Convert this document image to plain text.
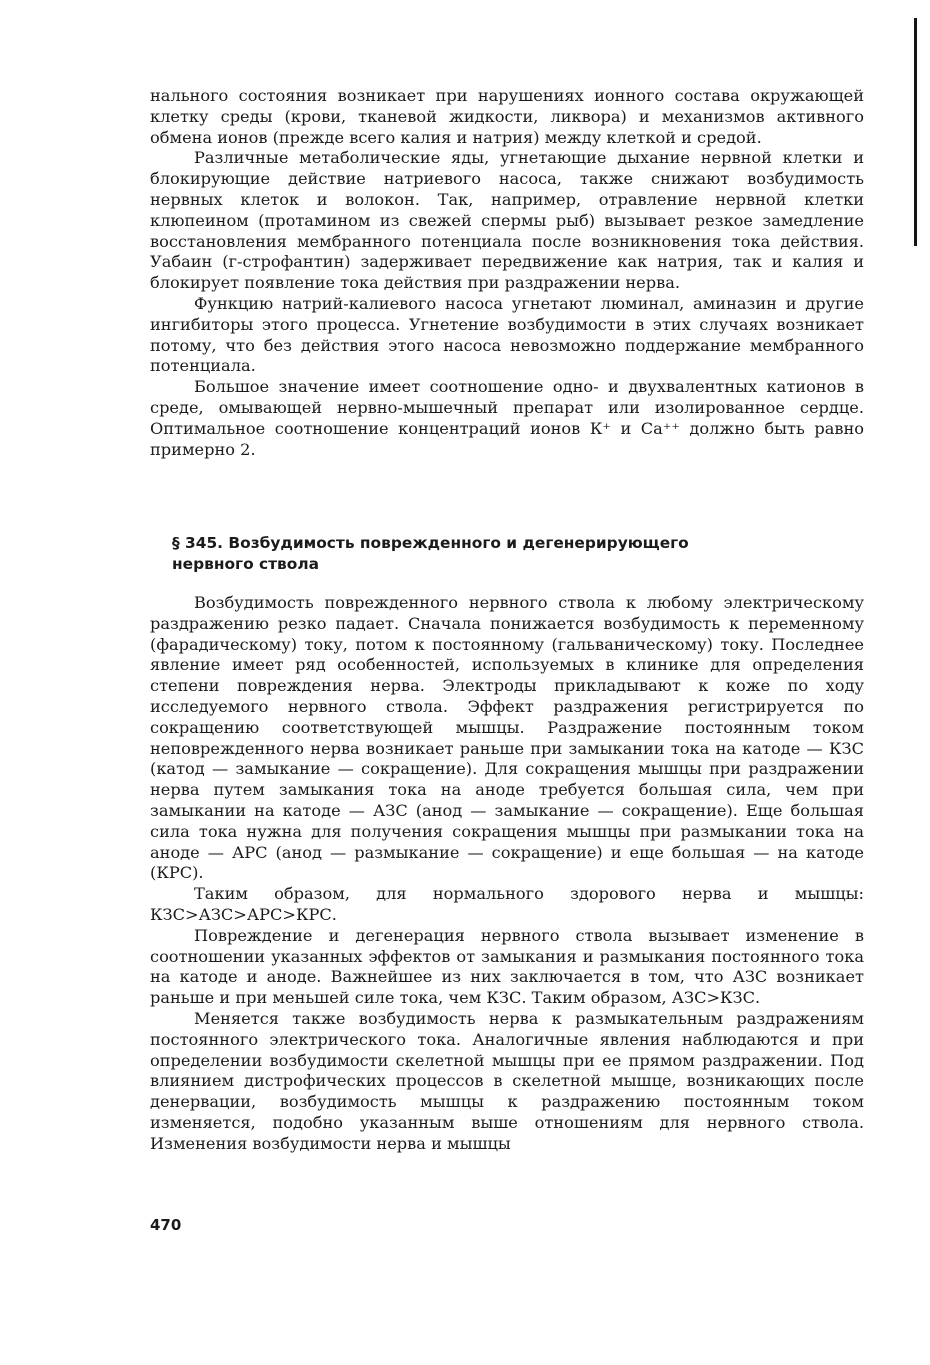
нального состояния возникает при нарушениях ионного состава окружающей клетку среды (крови, тканевой жидкости, ликвора) и механизмов активного обмена ионов (прежде всего калия и натрия) между клеткой и средой.

Различные метаболические яды, угнетающие дыхание нервной клетки и блокирующие действие натриевого насоса, также снижают возбудимость нервных клеток и волокон. Так, например, отравление нервной клетки клюпеином (протамином из свежей спермы рыб) вызывает резкое замедление восстановления мембранного потенциала после возникновения тока действия. Уабаин (г-строфантин) задерживает передвижение как натрия, так и калия и блокирует появление тока действия при раздражении нерва.

Функцию натрий-калиевого насоса угнетают люминал, аминазин и другие ингибиторы этого процесса. Угнетение возбудимости в этих случаях возникает потому, что без действия этого насоса невозможно поддержание мембранного потенциала.

Большое значение имеет соотношение одно- и двухвалентных катионов в среде, омывающей нервно-мышечный препарат или изолированное сердце. Оптимальное соотношение концентраций ионов К⁺ и Са⁺⁺ должно быть равно примерно 2.

§ 345. Возбудимость поврежденного и дегенерирующего
нервного ствола

Возбудимость поврежденного нервного ствола к любому электрическому раздражению резко падает. Сначала понижается возбудимость к переменному (фарадическому) току, потом к постоянному (гальваническому) току. Последнее явление имеет ряд особенностей, используемых в клинике для определения степени повреждения нерва. Электроды прикладывают к коже по ходу исследуемого нервного ствола. Эффект раздражения регистрируется по сокращению соответствующей мышцы. Раздражение постоянным током неповрежденного нерва возникает раньше при замыкании тока на катоде — КЗС (катод — замыкание — сокращение). Для сокращения мышцы при раздражении нерва путем замыкания тока на аноде требуется большая сила, чем при замыкании на катоде — АЗС (анод — замыкание — сокращение). Еще большая сила тока нужна для получения сокращения мышцы при размыкании тока на аноде — АРС (анод — размыкание — сокращение) и еще большая — на катоде (КРС).

Таким образом, для нормального здорового нерва и мышцы: КЗС>АЗС>АРС>КРС.

Повреждение и дегенерация нервного ствола вызывает изменение в соотношении указанных эффектов от замыкания и размыкания постоянного тока на катоде и аноде. Важнейшее из них заключается в том, что АЗС возникает раньше и при меньшей силе тока, чем КЗС. Таким образом, АЗС>КЗС.

Меняется также возбудимость нерва к размыкательным раздражениям постоянного электрического тока. Аналогичные явления наблюдаются и при определении возбудимости скелетной мышцы при ее прямом раздражении. Под влиянием дистрофических процессов в скелетной мышце, возникающих после денервации, возбудимость мышцы к раздражению постоянным током изменяется, подобно указанным выше отношениям для нервного ствола. Изменения возбудимости нерва и мышцы

470
